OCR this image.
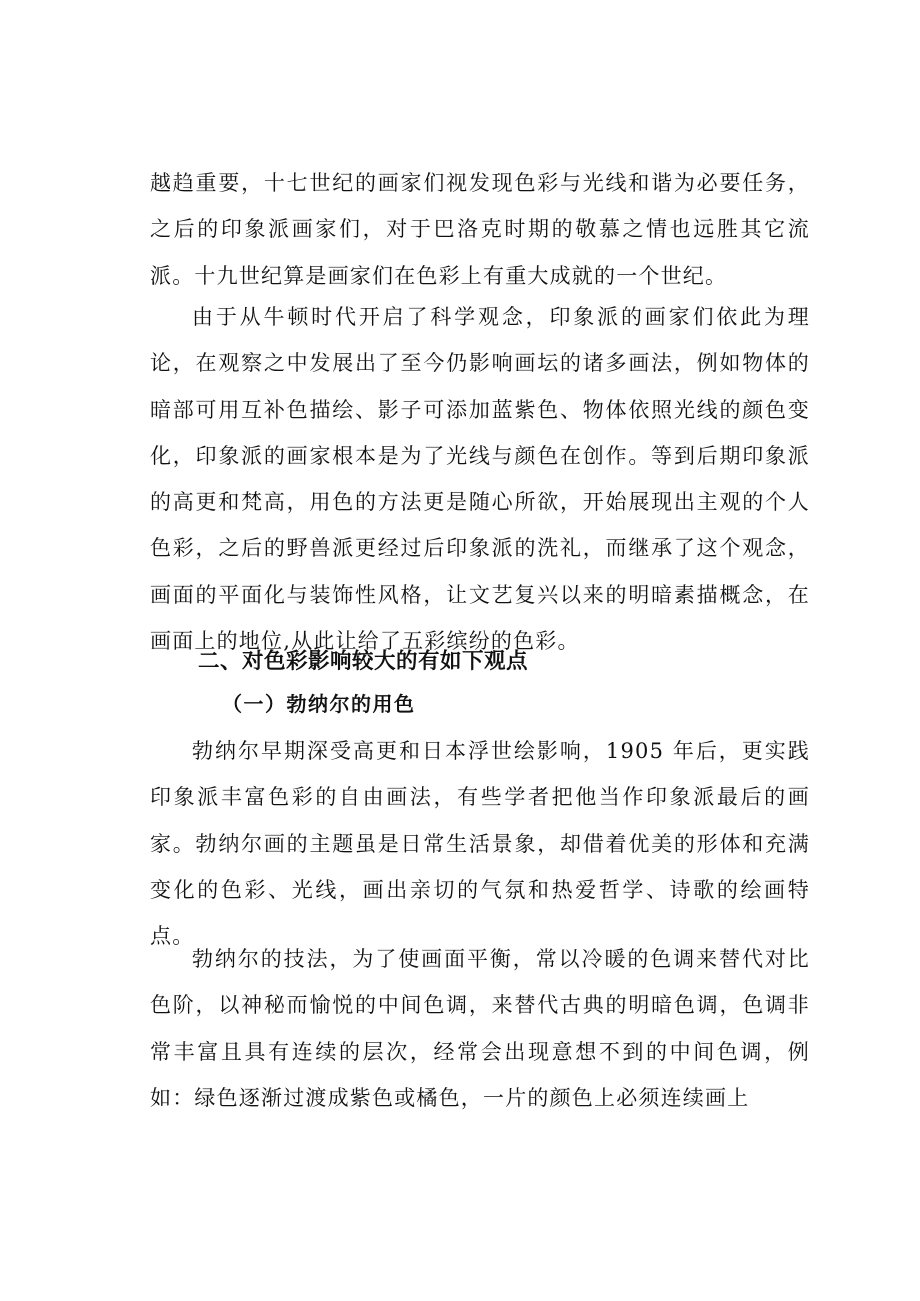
越趋重要，十七世纪的画家们视发现色彩与光线和谐为必要任务，之后的印象派画家们，对于巴洛克时期的敬慕之情也远胜其它流派。十九世纪算是画家们在色彩上有重大成就的一个世纪。

由于从牛顿时代开启了科学观念，印象派的画家们依此为理论，在观察之中发展出了至今仍影响画坛的诸多画法，例如物体的暗部可用互补色描绘、影子可添加蓝紫色、物体依照光线的颜色变化，印象派的画家根本是为了光线与颜色在创作。等到后期印象派的高更和梵高，用色的方法更是随心所欲，开始展现出主观的个人色彩，之后的野兽派更经过后印象派的洗礼，而继承了这个观念，画面的平面化与装饰性风格，让文艺复兴以来的明暗素描概念，在画面上的地位,从此让给了五彩缤纷的色彩。

二、对色彩影响较大的有如下观点
（一）勃纳尔的用色

勃纳尔早期深受高更和日本浮世绘影响，1905 年后，更实践印象派丰富色彩的自由画法，有些学者把他当作印象派最后的画家。勃纳尔画的主题虽是日常生活景象，却借着优美的形体和充满变化的色彩、光线，画出亲切的气氛和热爱哲学、诗歌的绘画特点。

勃纳尔的技法，为了使画面平衡，常以冷暖的色调来替代对比色阶，以神秘而愉悦的中间色调，来替代古典的明暗色调，色调非常丰富且具有连续的层次，经常会出现意想不到的中间色调，例如：绿色逐渐过渡成紫色或橘色，一片的颜色上必须连续画上
